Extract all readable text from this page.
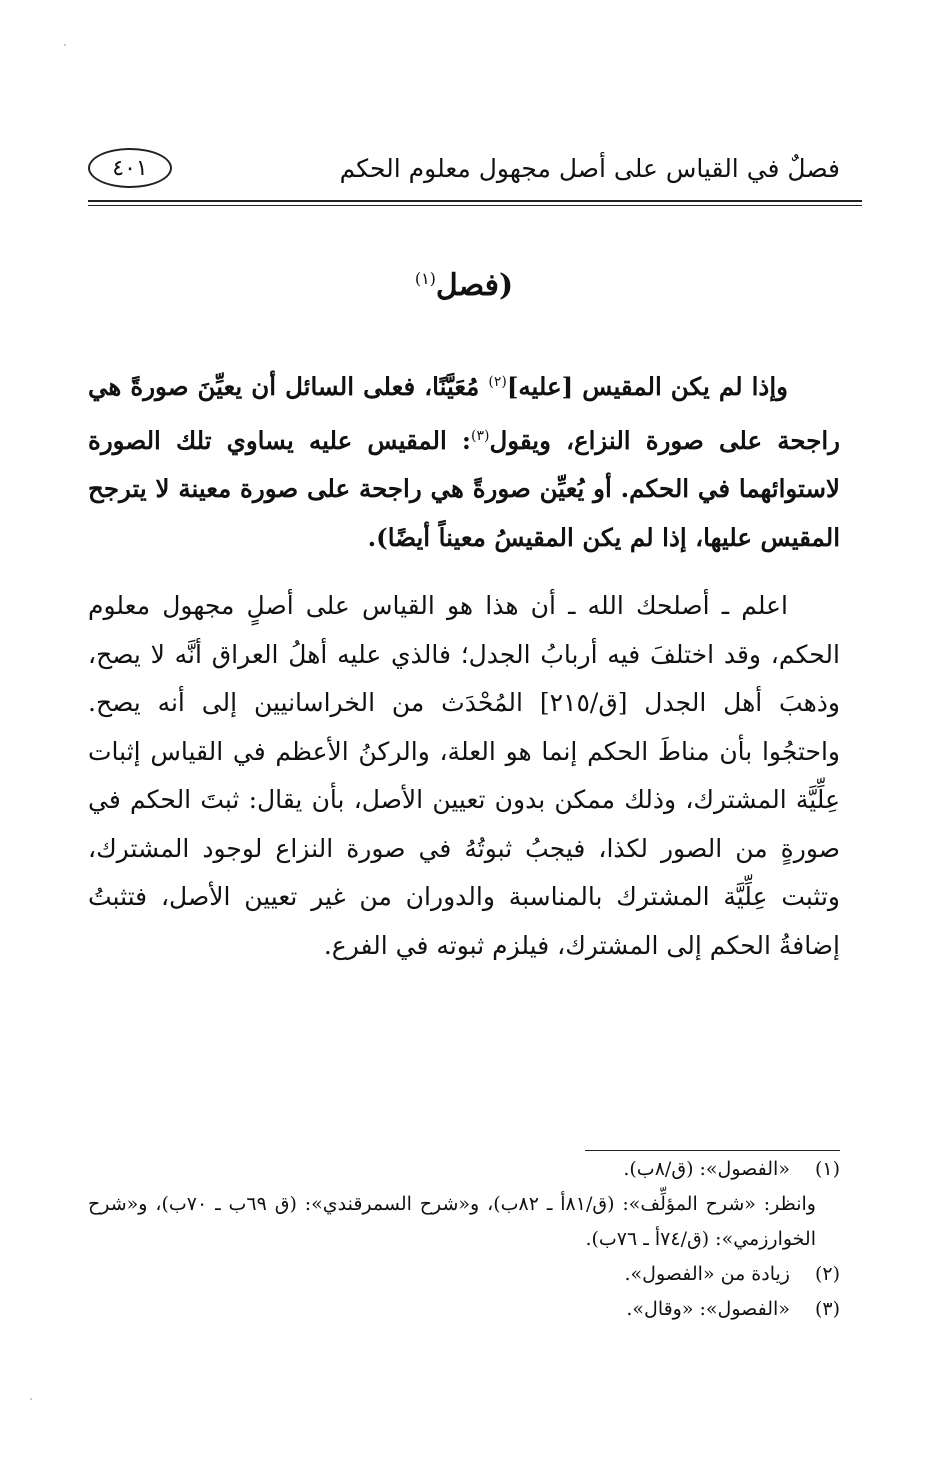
فصلٌ في القياس على أصل مجهول معلوم الحكم
٤٠١
(فصل$^{(١)}$

وإذا لم يكن المقيس [عليه]$^{(٢)}$ مُعَيَّنًا، فعلى السائل أن يعيِّنَ صورةً هي راجحة على صورة النزاع، ويقول$^{(٣)}$: المقيس عليه يساوي تلك الصورة لاستوائهما في الحكم. أو يُعيِّن صورةً هي راجحة على صورة معينة لا يترجح المقيس عليها، إذا لم يكن المقيسُ معيناً أيضًا).

اعلم ـ أصلحك الله ـ أن هذا هو القياس على أصلٍ مجهول معلوم الحكم، وقد اختلفَ فيه أربابُ الجدل؛ فالذي عليه أهلُ العراق أنَّه لا يصح، وذهبَ أهل الجدل [ق/٢١٥] المُحْدَث من الخراسانيين إلى أنه يصح. واحتجُوا بأن مناطَ الحكم إنما هو العلة، والركنُ الأعظم في القياس إثبات عِلِّيَّة المشترك، وذلك ممكن بدون تعيين الأصل، بأن يقال: ثبتَ الحكم في صورةٍ من الصور لكذا، فيجبُ ثبوتُهُ في صورة النزاع لوجود المشترك، وتثبت عِلِّيَّة المشترك بالمناسبة والدوران من غير تعيين الأصل، فتثبتُ إضافةُ الحكم إلى المشترك، فيلزم ثبوته في الفرع.

(١) «الفصول»: (ق/٨ب).
وانظر: «شرح المؤلِّف»: (ق/٨١أ ـ ٨٢ب)، و«شرح السمرقندي»: (ق ٦٩ب ـ ٧٠ب)، و«شرح الخوارزمي»: (ق/٧٤أ ـ ٧٦ب).
(٢) زيادة من «الفصول».
(٣) «الفصول»: «وقال».
